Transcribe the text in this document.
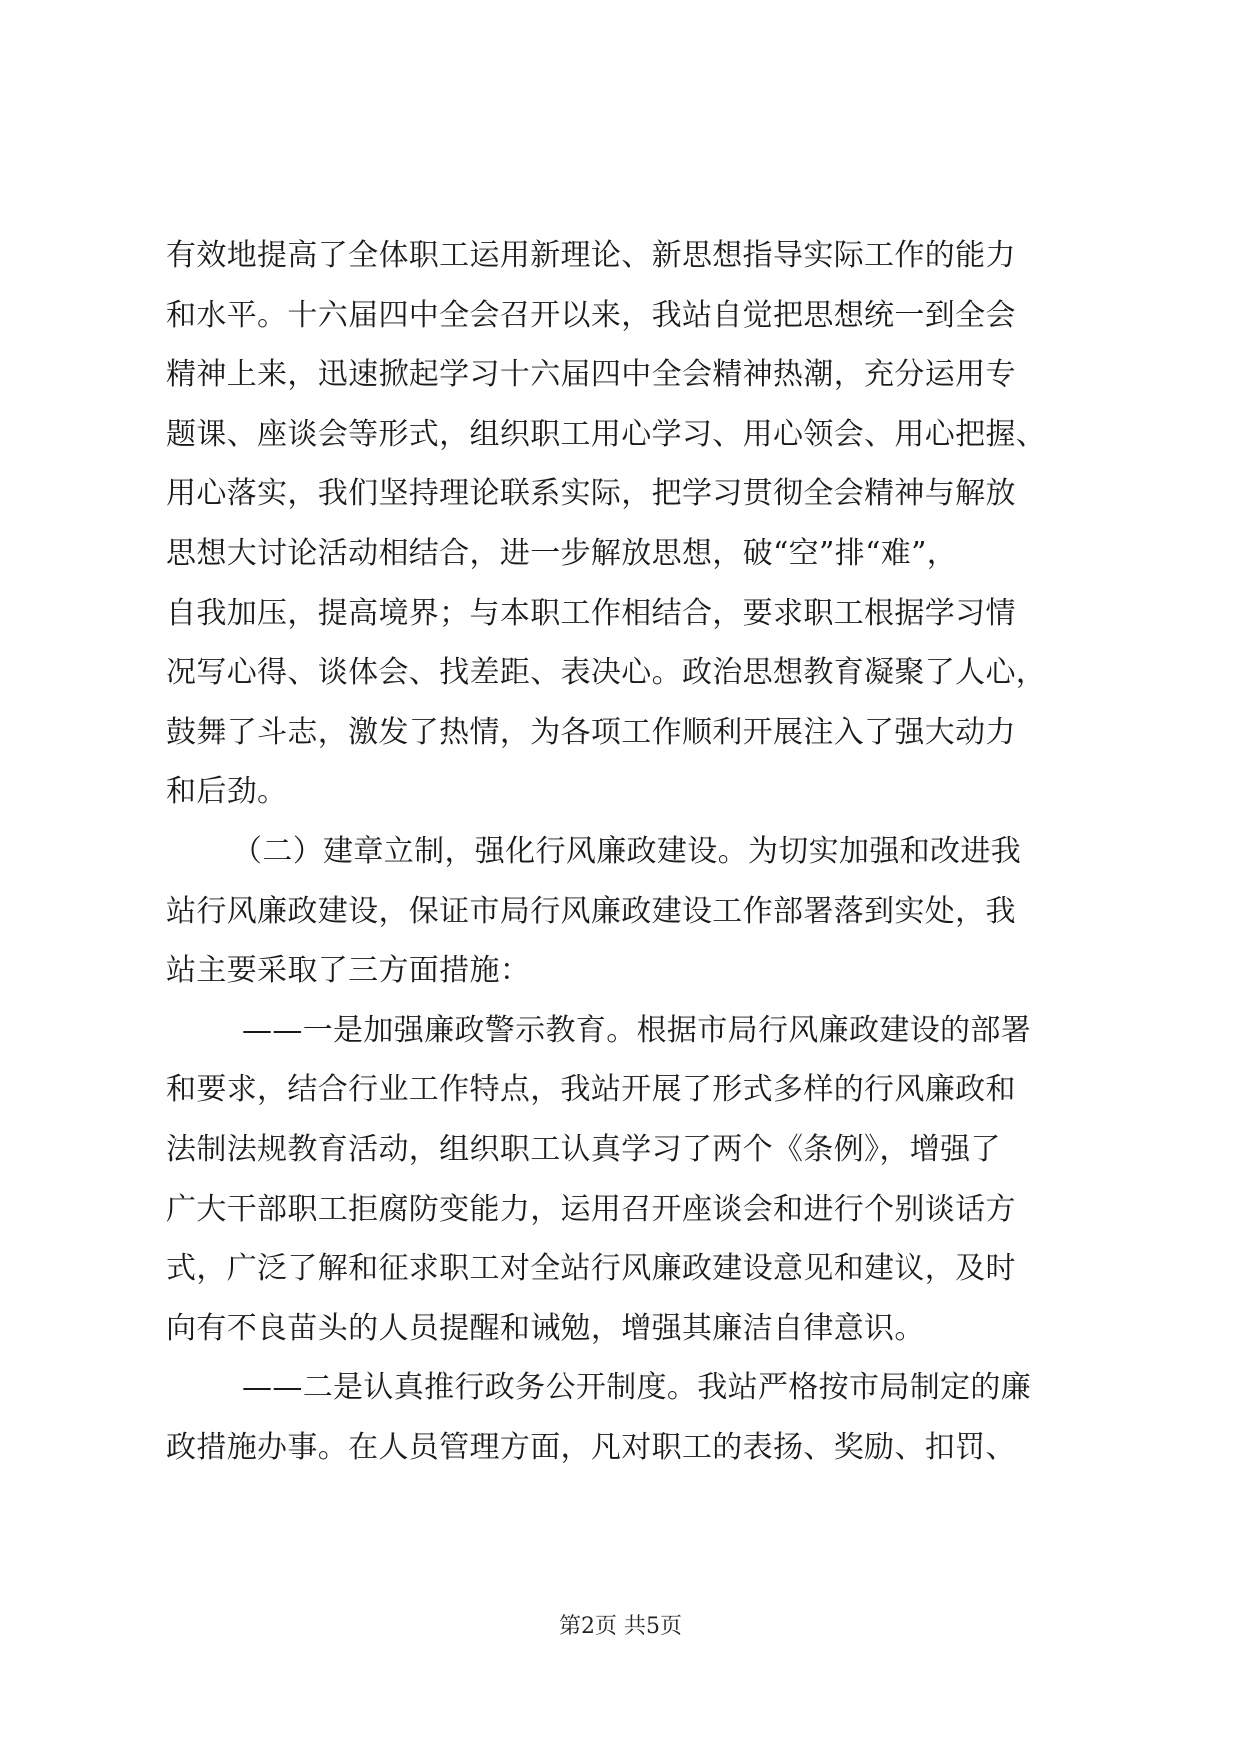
有效地提高了全体职工运用新理论、新思想指导实际工作的能力
和水平。十六届四中全会召开以来，我站自觉把思想统一到全会
精神上来，迅速掀起学习十六届四中全会精神热潮，充分运用专
题课、座谈会等形式，组织职工用心学习、用心领会、用心把握、
用心落实，我们坚持理论联系实际，把学习贯彻全会精神与解放
思想大讨论活动相结合，进一步解放思想，破“空”排“难”，
自我加压，提高境界；与本职工作相结合，要求职工根据学习情
况写心得、谈体会、找差距、表决心。政治思想教育凝聚了人心，
鼓舞了斗志，激发了热情，为各项工作顺利开展注入了强大动力
和后劲。
（二）建章立制，强化行风廉政建设。为切实加强和改进我
站行风廉政建设，保证市局行风廉政建设工作部署落到实处，我
站主要采取了三方面措施：
——一是加强廉政警示教育。根据市局行风廉政建设的部署
和要求，结合行业工作特点，我站开展了形式多样的行风廉政和
法制法规教育活动，组织职工认真学习了两个《条例》，增强了
广大干部职工拒腐防变能力，运用召开座谈会和进行个别谈话方
式，广泛了解和征求职工对全站行风廉政建设意见和建议，及时
向有不良苗头的人员提醒和诫勉，增强其廉洁自律意识。
——二是认真推行政务公开制度。我站严格按市局制定的廉
政措施办事。在人员管理方面，凡对职工的表扬、奖励、扣罚、
第2页 共5页
